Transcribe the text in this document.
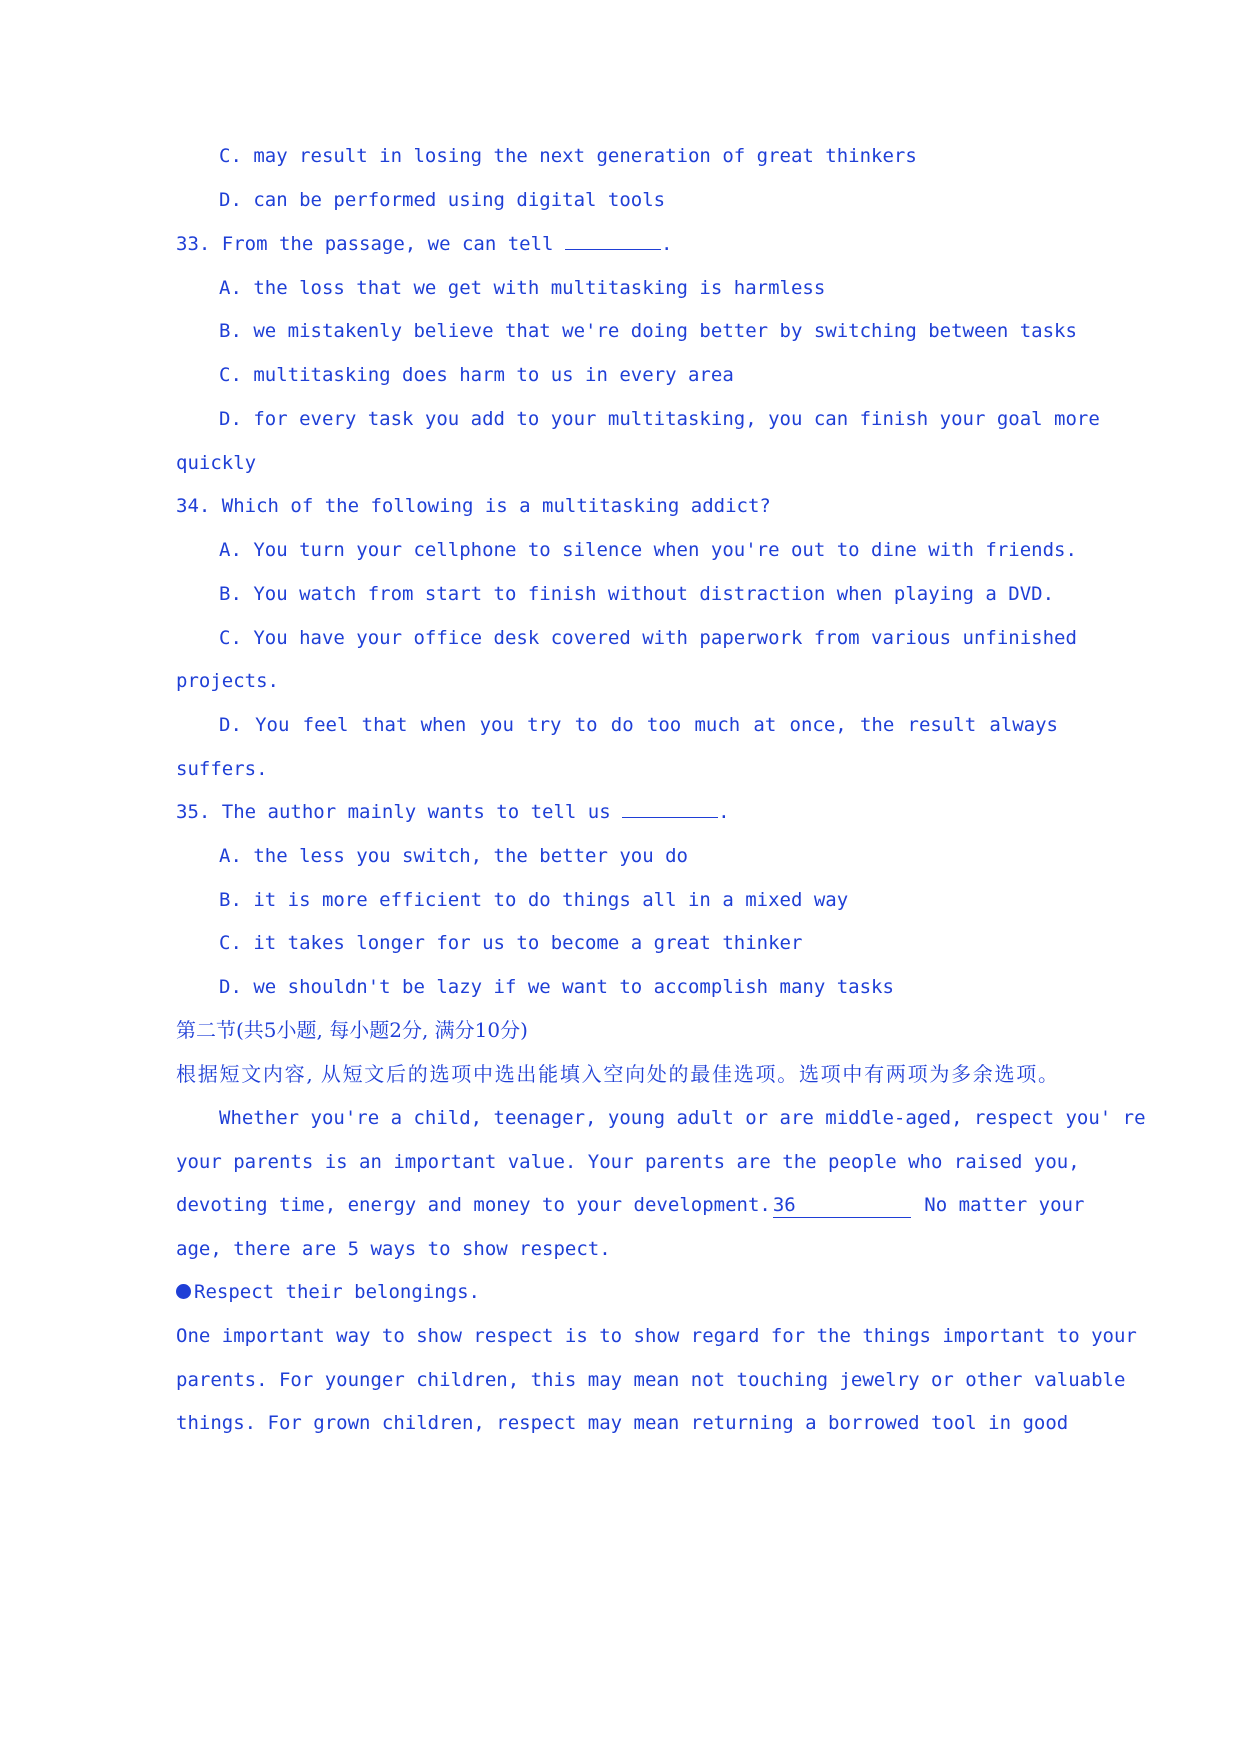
C. may result in losing the next generation of great thinkers
D. can be performed using digital tools
33. From the passage, we can tell	.
A. the loss that we get with multitasking is harmless
B. we mistakenly believe that we're doing better by switching between tasks
C. multitasking does harm to us in every area
D. for every task you add to your multitasking, you can finish your goal more
quickly
34. Which of the following is a multitasking addict?
A. You turn your cellphone to silence when you're out to dine with friends.
B. You watch from start to finish without distraction when playing a DVD.
C. You have your office desk covered with paperwork from various unfinished
projects.
D. You feel that when you try to do too much at once, the result always
suffers.
35. The author mainly wants to tell us	.
A. the less you switch, the better you do
B. it is more efficient to do things all in a mixed way
C. it takes longer for us to become a great thinker
D. we shouldn't be lazy if we want to accomplish many tasks
第二节(共5小题, 每小题2分, 满分10分)
根据短文内容, 从短文后的选项中选出能填入空向处的最佳选项。选项中有两项为多余选项。
Whether you're a child, teenager, young adult or are middle-aged, respect you' re
your parents is an important value. Your parents are the people who raised you,
devoting time, energy and money to your development. 36	No matter your
age, there are 5 ways to show respect.
Respect their belongings.
One important way to show respect is to show regard for the things important to your
parents. For younger children, this may mean not touching jewelry or other valuable
things. For grown children, respect may mean returning a borrowed tool in good
